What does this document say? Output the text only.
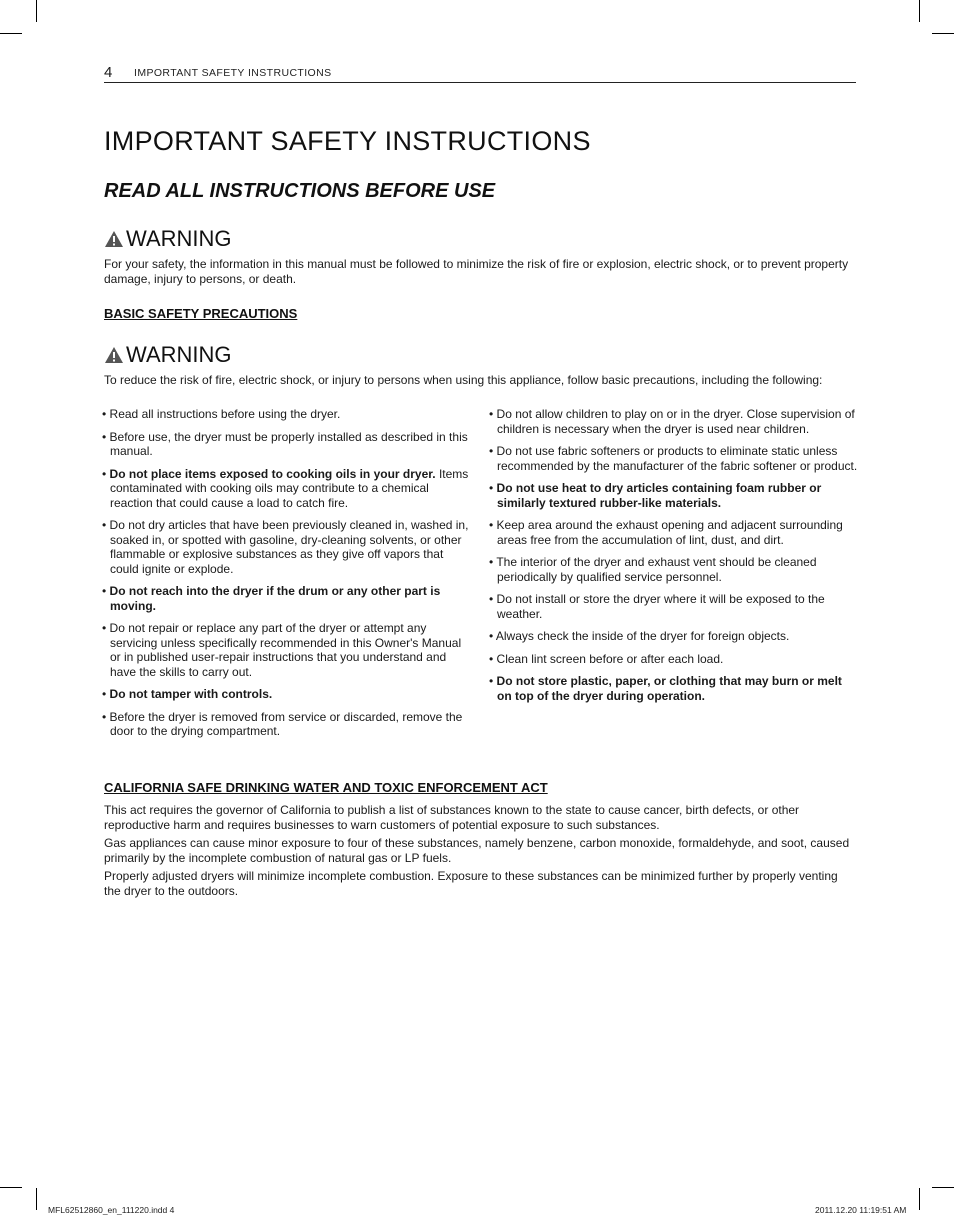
4 IMPORTANT SAFETY INSTRUCTIONS
IMPORTANT SAFETY INSTRUCTIONS
READ ALL INSTRUCTIONS BEFORE USE
WARNING

For your safety, the information in this manual must be followed to minimize the risk of fire or explosion, electric shock, or to prevent property damage, injury to persons, or death.

BASIC SAFETY PRECAUTIONS

WARNING

To reduce the risk of fire, electric shock, or injury to persons when using this appliance, follow basic precautions, including the following:

• Read all instructions before using the dryer.

• Before use, the dryer must be properly installed as described in this manual.

• Do not place items exposed to cooking oils in your dryer. Items contaminated with cooking oils may contribute to a chemical reaction that could cause a load to catch fire.

• Do not dry articles that have been previously cleaned in, washed in, soaked in, or spotted with gasoline, dry-cleaning solvents, or other flammable or explosive substances as they give off vapors that could ignite or explode.

• Do not reach into the dryer if the drum or any other part is moving.

• Do not repair or replace any part of the dryer or attempt any servicing unless specifically recommended in this Owner's Manual or in published user-repair instructions that you understand and have the skills to carry out.

• Do not tamper with controls.

• Before the dryer is removed from service or discarded, remove the door to the drying compartment.

• Do not allow children to play on or in the dryer. Close supervision of children is necessary when the dryer is used near children.

• Do not use fabric softeners or products to eliminate static unless recommended by the manufacturer of the fabric softener or product.

• Do not use heat to dry articles containing foam rubber or similarly textured rubber-like materials.

• Keep area around the exhaust opening and adjacent surrounding areas free from the accumulation of lint, dust, and dirt.

• The interior of the dryer and exhaust vent should be cleaned periodically by qualified service personnel.

• Do not install or store the dryer where it will be exposed to the weather.

• Always check the inside of the dryer for foreign objects.

• Clean lint screen before or after each load.

• Do not store plastic, paper, or clothing that may burn or melt on top of the dryer during operation.

CALIFORNIA SAFE DRINKING WATER AND TOXIC ENFORCEMENT ACT

This act requires the governor of California to publish a list of substances known to the state to cause cancer, birth defects, or other reproductive harm and requires businesses to warn customers of potential exposure to such substances.

Gas appliances can cause minor exposure to four of these substances, namely benzene, carbon monoxide, formaldehyde, and soot, caused primarily by the incomplete combustion of natural gas or LP fuels.

Properly adjusted dryers will minimize incomplete combustion. Exposure to these substances can be minimized further by properly venting the dryer to the outdoors.

MFL62512860_en_111220.indd 4	2011.12.20 11:19:51 AM
